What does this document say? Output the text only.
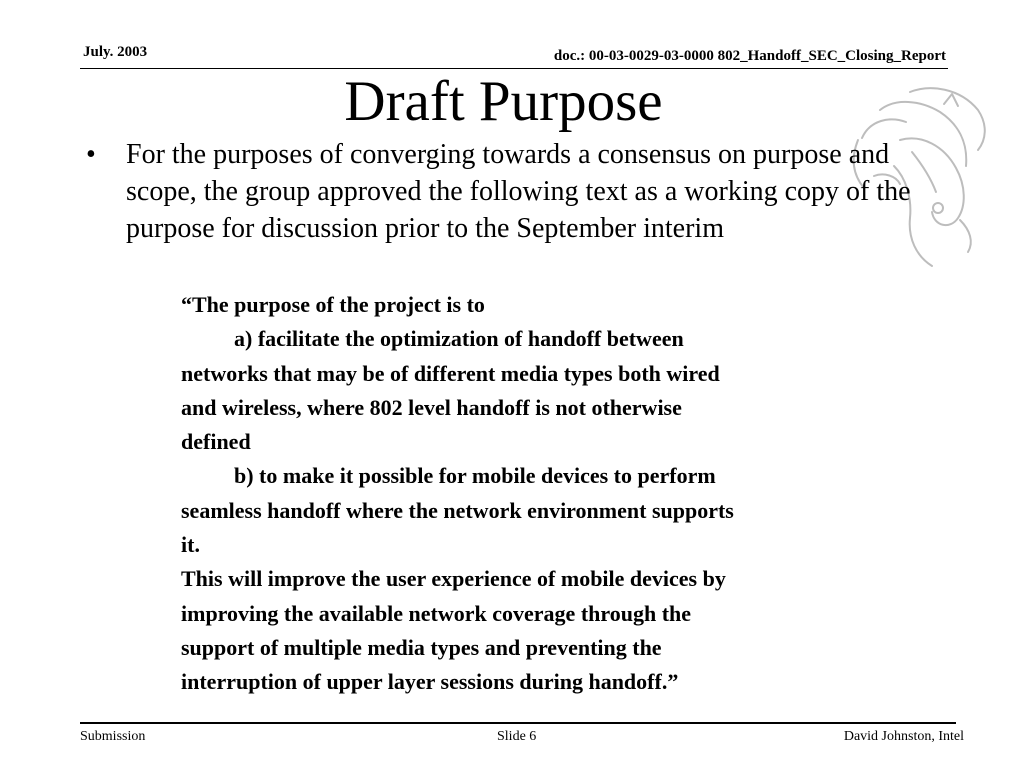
July. 2003	doc.: 00-03-0029-03-0000 802_Handoff_SEC_Closing_Report
Draft Purpose
• For the purposes of converging towards a consensus on purpose and scope, the group approved the following text as a working copy of the purpose for discussion prior to the September interim
“The purpose of the project is to
a) facilitate the optimization of handoff between
networks that may be of different media types both wired
and wireless, where 802 level handoff is not otherwise
defined
b) to make it possible for mobile devices to perform
seamless handoff where the network environment supports
it.
This will improve the user experience of mobile devices by
improving the available network coverage through the
support of multiple media types and preventing the
interruption of upper layer sessions during handoff.”
Submission	Slide 6	David Johnston, Intel
